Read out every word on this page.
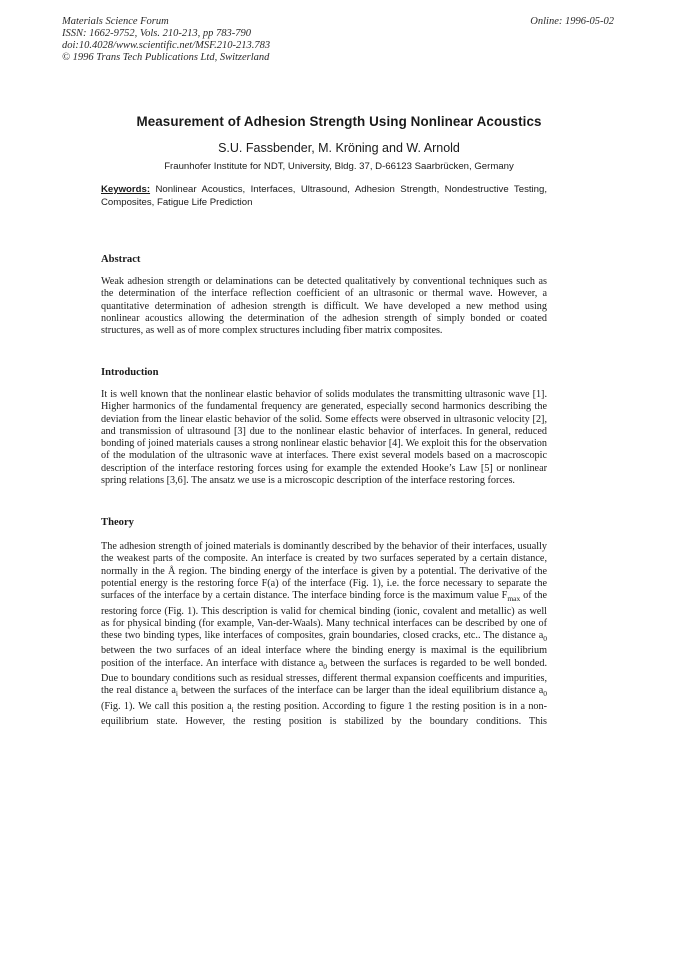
Materials Science Forum
ISSN: 1662-9752, Vols. 210-213, pp 783-790
doi:10.4028/www.scientific.net/MSF.210-213.783
© 1996 Trans Tech Publications Ltd, Switzerland
Online: 1996-05-02
Measurement of Adhesion Strength Using Nonlinear Acoustics
S.U. Fassbender, M. Kröning and W. Arnold
Fraunhofer Institute for NDT, University, Bldg. 37, D-66123 Saarbrücken, Germany
Keywords: Nonlinear Acoustics, Interfaces, Ultrasound, Adhesion Strength, Nondestructive Testing, Composites, Fatigue Life Prediction
Abstract
Weak adhesion strength or delaminations can be detected qualitatively by conventional techniques such as the determination of the interface reflection coefficient of an ultrasonic or thermal wave. However, a quantitative determination of adhesion strength is difficult. We have developed a new method using nonlinear acoustics allowing the determination of the adhesion strength of simply bonded or coated structures, as well as of more complex structures including fiber matrix composites.
Introduction
It is well known that the nonlinear elastic behavior of solids modulates the transmitting ultrasonic wave [1]. Higher harmonics of the fundamental frequency are generated, especially second harmonics describing the deviation from the linear elastic behavior of the solid. Some effects were observed in ultrasonic velocity [2], and transmission of ultrasound [3] due to the nonlinear elastic behavior of interfaces. In general, reduced bonding of joined materials causes a strong nonlinear elastic behavior [4]. We exploit this for the observation of the modulation of the ultrasonic wave at interfaces. There exist several models based on a macroscopic description of the interface restoring forces using for example the extended Hooke’s Law [5] or nonlinear spring relations [3,6]. The ansatz we use is a microscopic description of the interface restoring forces.
Theory
The adhesion strength of joined materials is dominantly described by the behavior of their interfaces, usually the weakest parts of the composite. An interface is created by two surfaces seperated by a certain distance, normally in the Å region. The binding energy of the interface is given by a potential. The derivative of the potential energy is the restoring force F(a) of the interface (Fig. 1), i.e. the force necessary to separate the surfaces of the interface by a certain distance. The interface binding force is the maximum value $F_{max}$ of the restoring force (Fig. 1). This description is valid for chemical binding (ionic, covalent and metallic) as well as for physical binding (for example, Van-der-Waals). Many technical interfaces can be described by one of these two binding types, like interfaces of composites, grain boundaries, closed cracks, etc.. The distance $a_0$ between the two surfaces of an ideal interface where the binding energy is maximal is the equilibrium position of the interface. An interface with distance $a_0$ between the surfaces is regarded to be well bonded. Due to boundary conditions such as residual stresses, different thermal expansion coefficents and impurities, the real distance $a_i$ between the surfaces of the interface can be larger than the ideal equilibrium distance $a_0$ (Fig. 1). We call this position $a_i$ the resting position. According to figure 1 the resting position is in a non-equilibrium state. However, the resting position is stabilized by the boundary conditions. This
